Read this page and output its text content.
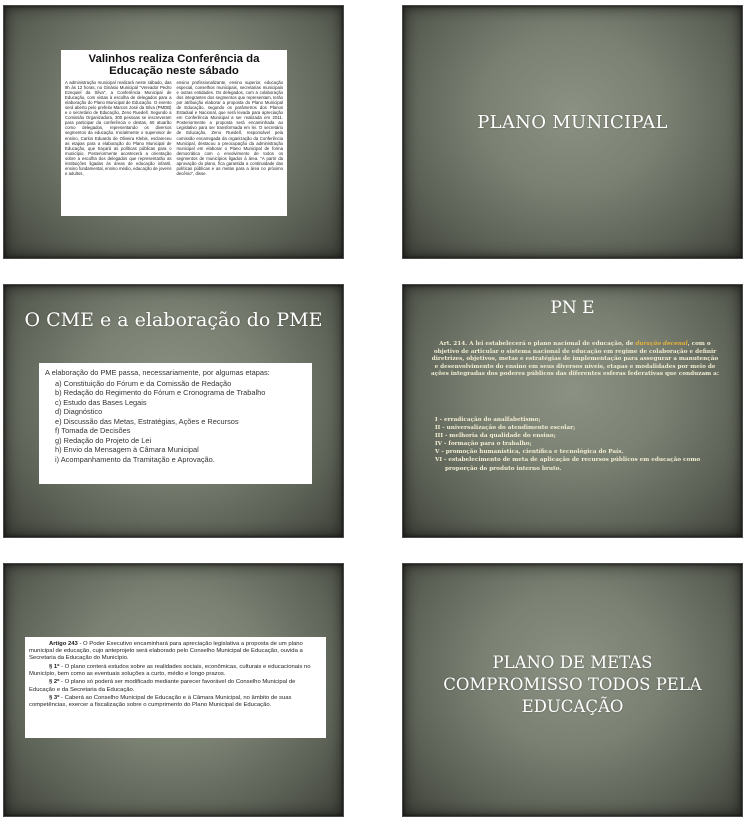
Valinhos realiza Conferência da Educação neste sábado

A administração municipal realizará neste sábado, das 8h às 12 horas, no Ginásio Municipal "Vereador Pedro Ezequiel da Silva", a Conferência Municipal de Educação, com vistas à escolha de delegados para a elaboração do Plano Municipal de Educação. O evento será aberto pelo prefeito Marcos José da Silva (PMDB) e o secretário de Educação, Zeno Ruedell. Segundo a Comissão Organizadora, 300 pessoas se inscreveram para participar da conferência e destas, 60 atuarão como delegados, representando os diversos segmentos da educação. Inicialmente o supervisor de ensino, Carlos Eduardo de Oliveira Klebis, esclareceu as etapas para a elaboração do Plano Municipal de Educação, que traçará as políticas públicas para o município. Posteriormente acontecerá a orientação sobre a escolha dos delegados que representarão as instituições ligadas às áreas de educação infantil, ensino fundamental, ensino médio, educação de jovens e adultos,

ensino profissionalizante, ensino superior, educação especial, conselhos municipais, secretarias municipais e outras entidades. Os delegados, com a colaboração dos integrantes dos segmentos que representam, terão por atribuição elaborar a proposta do Plano Municipal de Educação, segundo os parâmetros dos Planos Estadual e Nacional, que será levada para apreciação em Conferência Municipal a ser realizada em 2011. Posteriormente a proposta será encaminhada ao Legislativo para ser transformada em lei. O secretário de Educação, Zeno Ruedell, responsável pela comissão encarregada da organização da Conferência Municipal, destacou a preocupação da administração municipal em elaborar o Plano Municipal de forma democrática com o envolvimento de todos os segmentos de municípios ligados à área. "A partir da aprovação do plano, fica garantida a continuidade das políticas públicas e as metas para a área no próximo decênio", disse.

PLANO MUNICIPAL
O CME e a elaboração do PME

A elaboração do PME passa, necessariamente, por algumas etapas:

a) Constituição do Fórum e da Comissão de Redação
b) Redação do Regimento do Fórum e Cronograma de Trabalho
c) Estudo das Bases Legais
d) Diagnóstico
e) Discussão das Metas, Estratégias, Ações e Recursos
f) Tomada de Decisões
g) Redação do Projeto de Lei
h) Envio da Mensagem à Câmara Municipal
i) Acompanhamento da Tramitação e Aprovação.
PN E

Art. 214. A lei estabelecerá o plano nacional de educação, de duração decenal, com o objetivo de articular o sistema nacional de educação em regime de colaboração e definir diretrizes, objetivos, metas e estratégias de implementação para assegurar a manutenção e desenvolvimento do ensino em seus diversos níveis, etapas e modalidades por meio de ações integradas dos poderes públicos das diferentes esferas federativas que conduzam a:

I - erradicação do analfabetismo;
II - universalização do atendimento escolar;
III - melhoria da qualidade do ensino;
IV - formação para o trabalho;
V - promoção humanística, científica e tecnológica do País.
VI - estabelecimento de meta de aplicação de recursos públicos em educação como proporção do produto interno bruto.

Artigo 243 - O Poder Executivo encaminhará para apreciação legislativa a proposta de um plano municipal de educação, cujo anteprojeto será elaborado pelo Conselho Municipal de Educação, ouvida a Secretaria da Educação do Município.

§ 1º - O plano conterá estudos sobre as realidades sociais, econômicas, culturais e educacionais no Município, bem como as eventuais soluções a curto, médio e longo prazos.

§ 2º - O plano só poderá ser modificado mediante parecer favorável do Conselho Municipal de Educação e da Secretaria da Educação.

§ 3º - Caberá ao Conselho Municipal de Educação e à Câmara Municipal, no âmbito de suas competências, exercer a fiscalização sobre o cumprimento do Plano Municipal de Educação.

PLANO DE METAS
COMPROMISSO TODOS PELA
EDUCAÇÃO
